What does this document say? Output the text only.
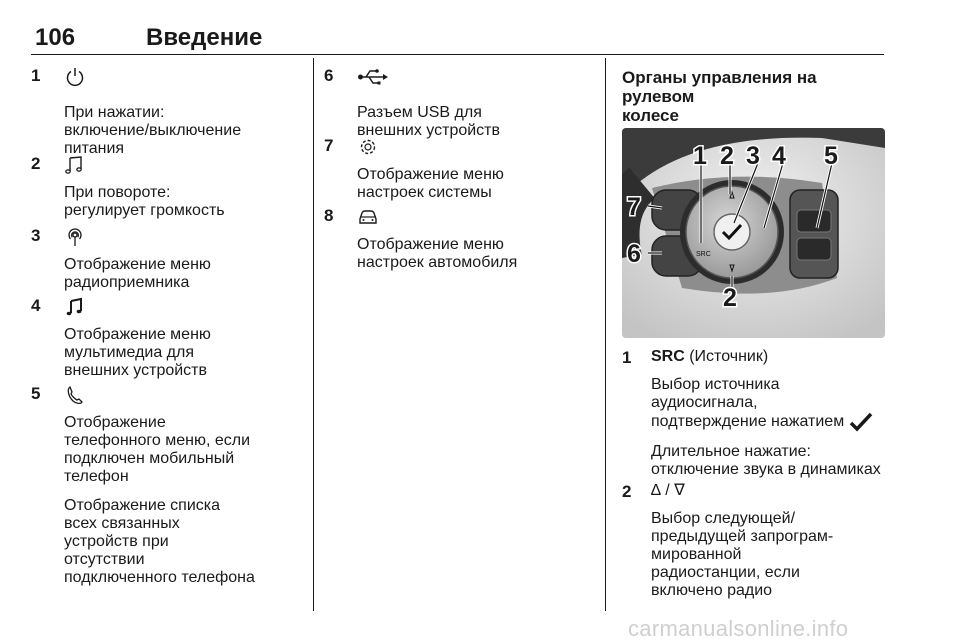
106	Введение
1
При нажатии:
включение/выключение
питания
2
При повороте:
регулирует громкость
3
Отображение меню
радиоприемника
4
Отображение меню
мультимедиа для
внешних устройств
5
Отображение
телефонного меню, если
подключен мобильный
телефон
Отображение списка
всех связанных
устройств при
отсутствии
подключенного телефона
6
Разъем USB для
внешних устройств
7
Отображение меню
настроек системы
8
Отображение меню
настроек автомобиля
Органы управления на рулевом
колесе
SRC
1 2 3 4 5
7
6
2
1 SRC (Источник)
Выбор источника
аудиосигнала,
подтверждение нажатием
Длительное нажатие:
отключение звука в динамиках
2 ∆ / ∇
Выбор следующей/
предыдущей запрограм-
мированной
радиостанции, если
включено радио
carmanualsonline.info
